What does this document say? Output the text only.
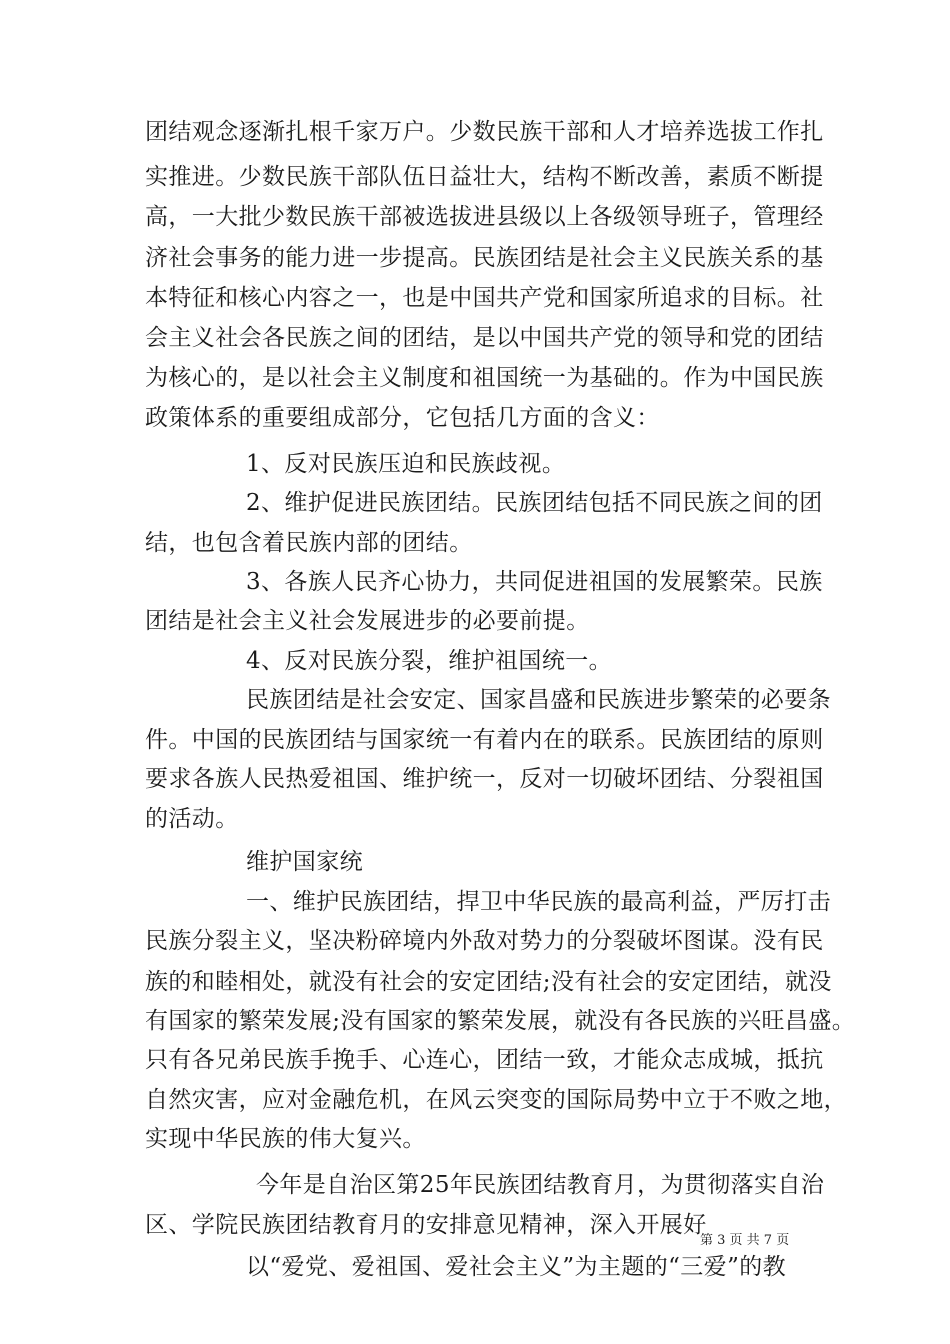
团结观念逐渐扎根千家万户。少数民族干部和人才培养选拔工作扎
实推进。少数民族干部队伍日益壮大，结构不断改善，素质不断提
高，一大批少数民族干部被选拔进县级以上各级领导班子，管理经
济社会事务的能力进一步提高。民族团结是社会主义民族关系的基
本特征和核心内容之一，也是中国共产党和国家所追求的目标。社
会主义社会各民族之间的团结，是以中国共产党的领导和党的团结
为核心的，是以社会主义制度和祖国统一为基础的。作为中国民族
政策体系的重要组成部分，它包括几方面的含义：
1、反对民族压迫和民族歧视。
2、维护促进民族团结。民族团结包括不同民族之间的团
结，也包含着民族内部的团结。
3、各族人民齐心协力，共同促进祖国的发展繁荣。民族
团结是社会主义社会发展进步的必要前提。
4、反对民族分裂，维护祖国统一。
民族团结是社会安定、国家昌盛和民族进步繁荣的必要条
件。中国的民族团结与国家统一有着内在的联系。民族团结的原则
要求各族人民热爱祖国、维护统一，反对一切破坏团结、分裂祖国
的活动。
维护国家统
一、维护民族团结，捍卫中华民族的最高利益，严厉打击
民族分裂主义，坚决粉碎境内外敌对势力的分裂破坏图谋。没有民
族的和睦相处，就没有社会的安定团结;没有社会的安定团结，就没
有国家的繁荣发展;没有国家的繁荣发展，就没有各民族的兴旺昌盛。
只有各兄弟民族手挽手、心连心，团结一致，才能众志成城，抵抗
自然灾害，应对金融危机，在风云突变的国际局势中立于不败之地，
实现中华民族的伟大复兴。
今年是自治区第25年民族团结教育月，为贯彻落实自治
区、学院民族团结教育月的安排意见精神，深入开展好
以“爱党、爱祖国、爱社会主义”为主题的“三爱”的教
第 3 页 共 7 页
